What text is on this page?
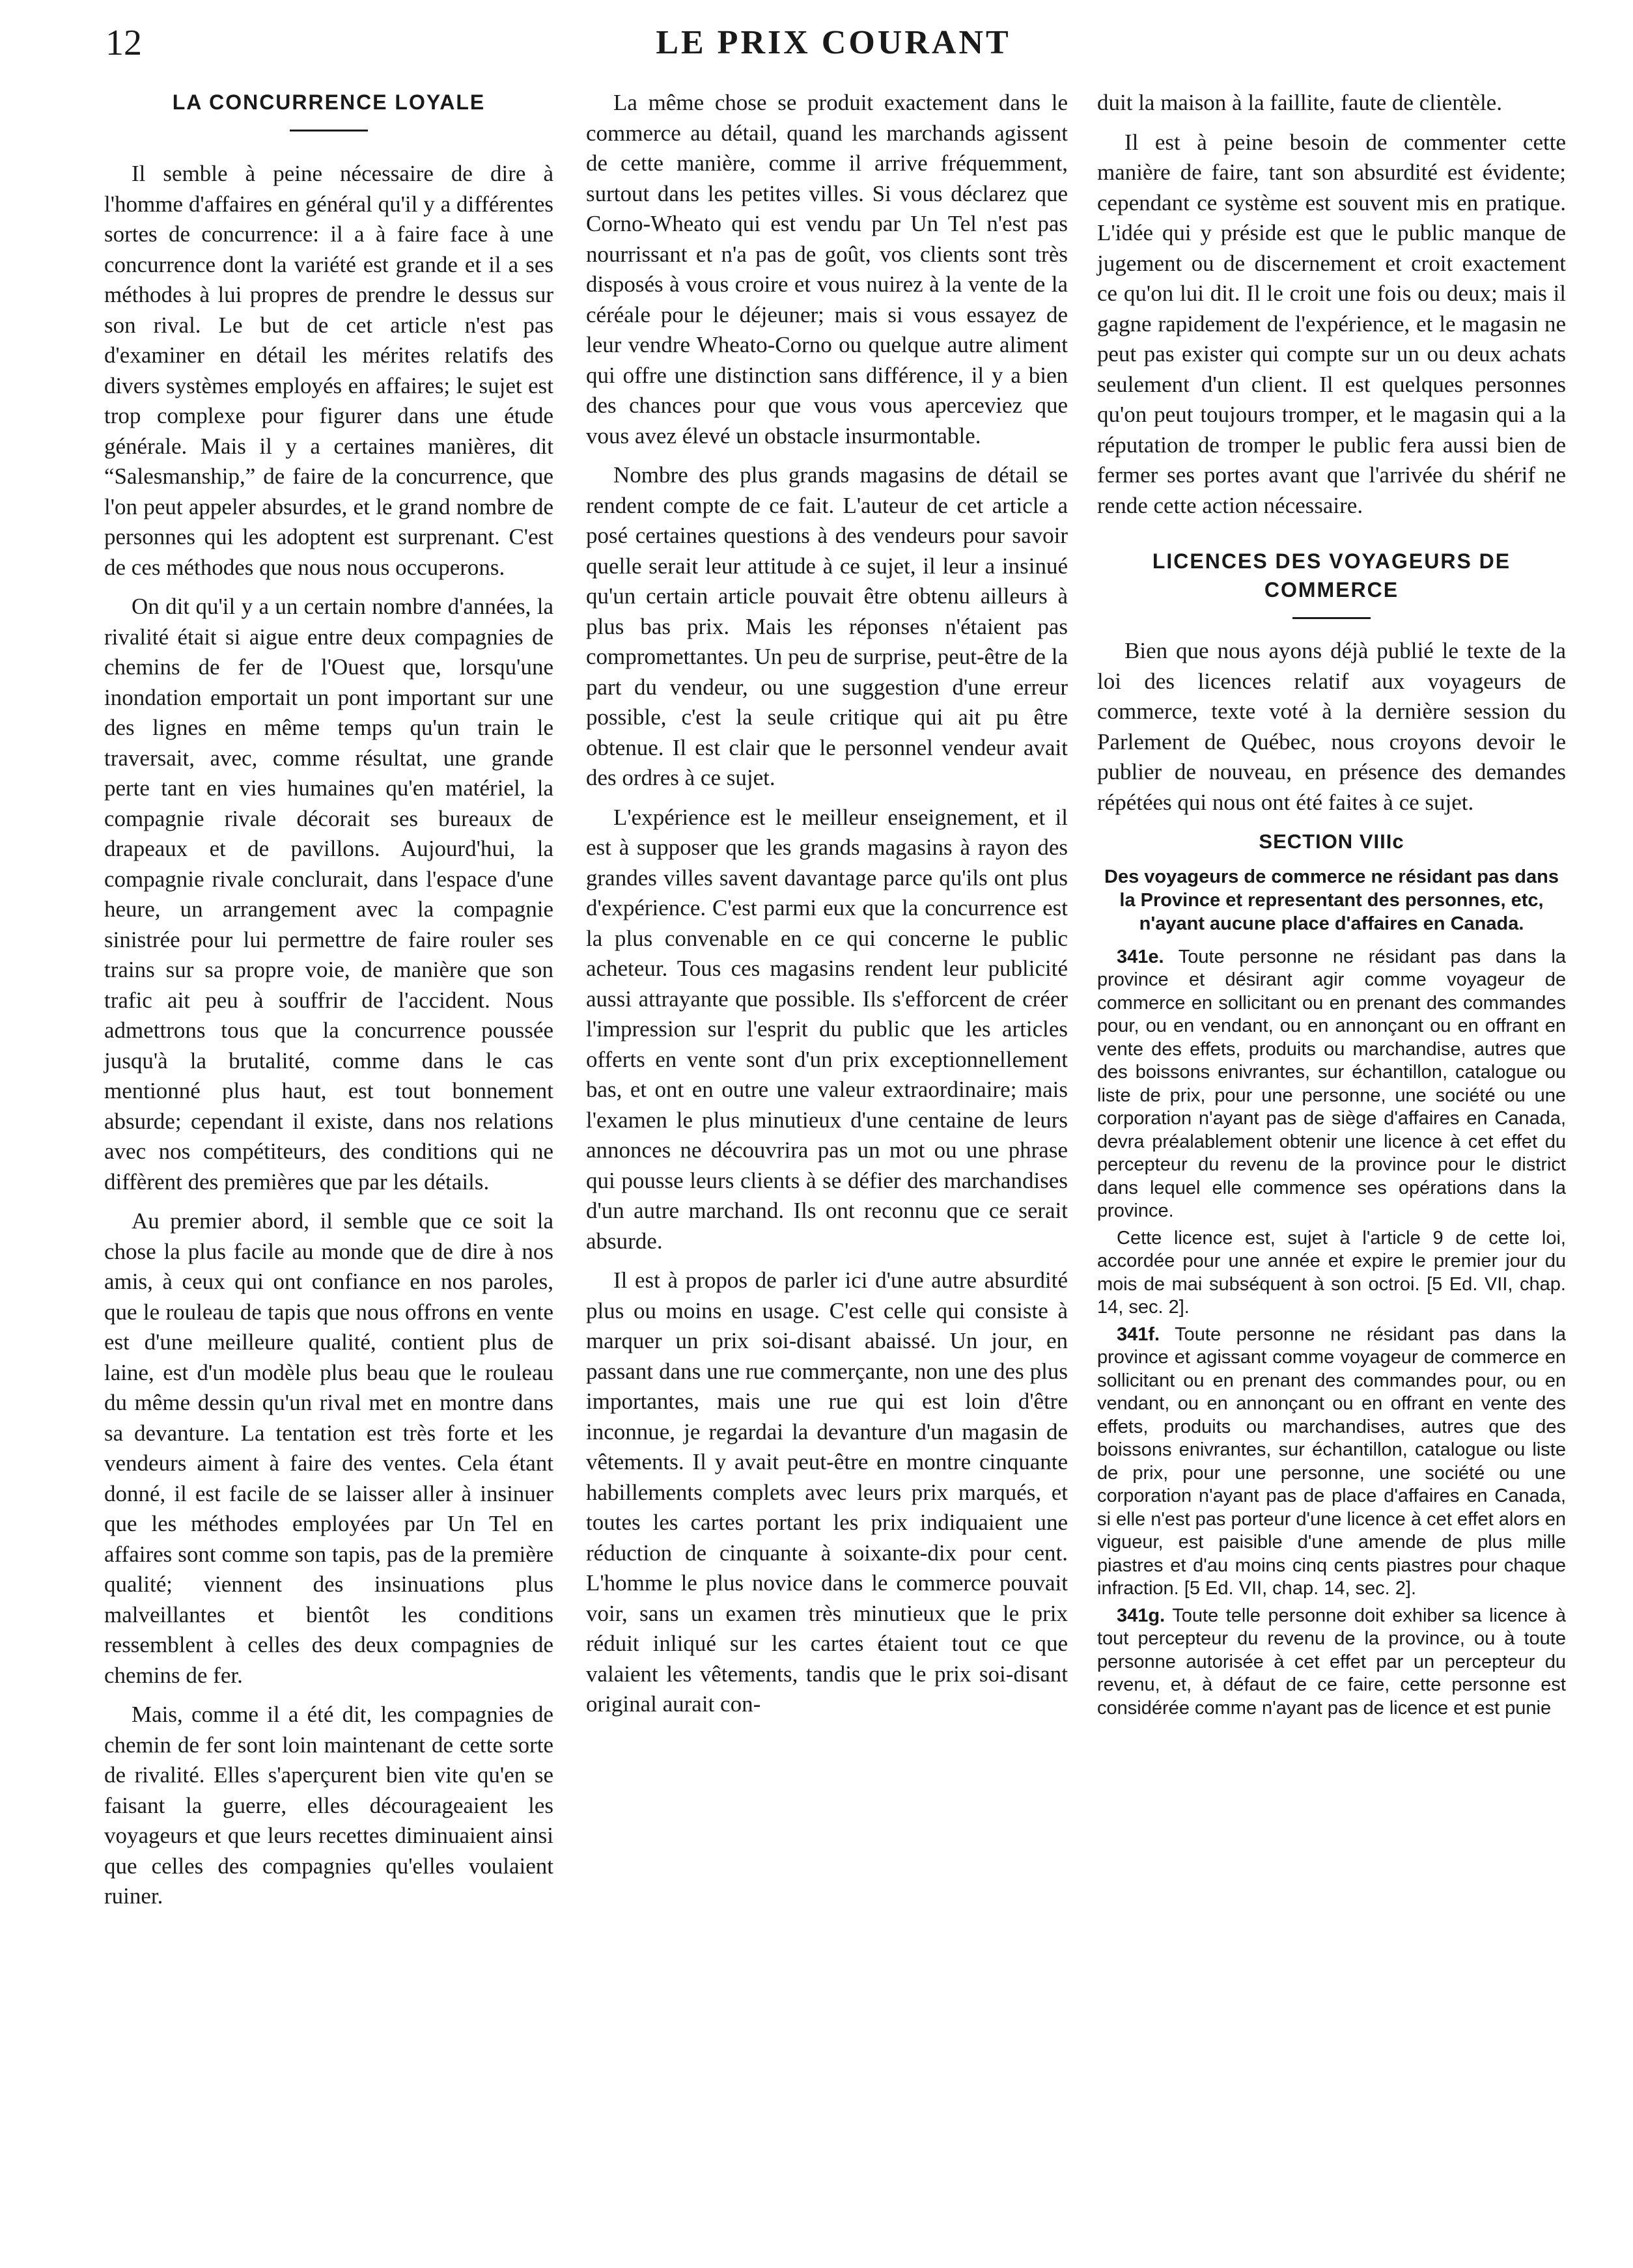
12	LE PRIX COURANT
LA CONCURRENCE LOYALE

Il semble à peine nécessaire de dire à l'homme d'affaires en général qu'il y a différentes sortes de concurrence: il a à faire face à une concurrence dont la variété est grande et il a ses méthodes à lui propres de prendre le dessus sur son rival. Le but de cet article n'est pas d'examiner en détail les mérites relatifs des divers systèmes employés en affaires; le sujet est trop complexe pour figurer dans une étude générale. Mais il y a certaines manières, dit “Salesmanship,” de faire de la concurrence, que l'on peut appeler absurdes, et le grand nombre de personnes qui les adoptent est surprenant. C'est de ces méthodes que nous nous occuperons.

On dit qu'il y a un certain nombre d'années, la rivalité était si aigue entre deux compagnies de chemins de fer de l'Ouest que, lorsqu'une inondation emportait un pont important sur une des lignes en même temps qu'un train le traversait, avec, comme résultat, une grande perte tant en vies humaines qu'en matériel, la compagnie rivale décorait ses bureaux de drapeaux et de pavillons. Aujourd'hui, la compagnie rivale conclurait, dans l'espace d'une heure, un arrangement avec la compagnie sinistrée pour lui permettre de faire rouler ses trains sur sa propre voie, de manière que son trafic ait peu à souffrir de l'accident. Nous admettrons tous que la concurrence poussée jusqu'à la brutalité, comme dans le cas mentionné plus haut, est tout bonnement absurde; cependant il existe, dans nos relations avec nos compétiteurs, des conditions qui ne diffèrent des premières que par les détails.

Au premier abord, il semble que ce soit la chose la plus facile au monde que de dire à nos amis, à ceux qui ont confiance en nos paroles, que le rouleau de tapis que nous offrons en vente est d'une meilleure qualité, contient plus de laine, est d'un modèle plus beau que le rouleau du même dessin qu'un rival met en montre dans sa devanture. La tentation est très forte et les vendeurs aiment à faire des ventes. Cela étant donné, il est facile de se laisser aller à insinuer que les méthodes employées par Un Tel en affaires sont comme son tapis, pas de la première qualité; viennent des insinuations plus malveillantes et bientôt les conditions ressemblent à celles des deux compagnies de chemins de fer.

Mais, comme il a été dit, les compagnies de chemin de fer sont loin maintenant de cette sorte de rivalité. Elles s'aperçurent bien vite qu'en se faisant la guerre, elles décourageaient les voyageurs et que leurs recettes diminuaient ainsi que celles des compagnies qu'elles voulaient ruiner.

La même chose se produit exactement dans le commerce au détail, quand les marchands agissent de cette manière, comme il arrive fréquemment, surtout dans les petites villes. Si vous déclarez que Corno-Wheato qui est vendu par Un Tel n'est pas nourrissant et n'a pas de goût, vos clients sont très disposés à vous croire et vous nuirez à la vente de la céréale pour le déjeuner; mais si vous essayez de leur vendre Wheato-Corno ou quelque autre aliment qui offre une distinction sans différence, il y a bien des chances pour que vous vous aperceviez que vous avez élevé un obstacle insurmontable.

Nombre des plus grands magasins de détail se rendent compte de ce fait. L'auteur de cet article a posé certaines questions à des vendeurs pour savoir quelle serait leur attitude à ce sujet, il leur a insinué qu'un certain article pouvait être obtenu ailleurs à plus bas prix. Mais les réponses n'étaient pas compromettantes. Un peu de surprise, peut-être de la part du vendeur, ou une suggestion d'une erreur possible, c'est la seule critique qui ait pu être obtenue. Il est clair que le personnel vendeur avait des ordres à ce sujet.

L'expérience est le meilleur enseignement, et il est à supposer que les grands magasins à rayon des grandes villes savent davantage parce qu'ils ont plus d'expérience. C'est parmi eux que la concurrence est la plus convenable en ce qui concerne le public acheteur. Tous ces magasins rendent leur publicité aussi attrayante que possible. Ils s'efforcent de créer l'impression sur l'esprit du public que les articles offerts en vente sont d'un prix exceptionnellement bas, et ont en outre une valeur extraordinaire; mais l'examen le plus minutieux d'une centaine de leurs annonces ne découvrira pas un mot ou une phrase qui pousse leurs clients à se défier des marchandises d'un autre marchand. Ils ont reconnu que ce serait absurde.

Il est à propos de parler ici d'une autre absurdité plus ou moins en usage. C'est celle qui consiste à marquer un prix soi-disant abaissé. Un jour, en passant dans une rue commerçante, non une des plus importantes, mais une rue qui est loin d'être inconnue, je regardai la devanture d'un magasin de vêtements. Il y avait peut-être en montre cinquante habillements complets avec leurs prix marqués, et toutes les cartes portant les prix indiquaient une réduction de cinquante à soixante-dix pour cent. L'homme le plus novice dans le commerce pouvait voir, sans un examen très minutieux que le prix réduit inliqué sur les cartes étaient tout ce que valaient les vêtements, tandis que le prix soi-disant original aurait con-

duit la maison à la faillite, faute de clientèle.

Il est à peine besoin de commenter cette manière de faire, tant son absurdité est évidente; cependant ce système est souvent mis en pratique. L'idée qui y préside est que le public manque de jugement ou de discernement et croit exactement ce qu'on lui dit. Il le croit une fois ou deux; mais il gagne rapidement de l'expérience, et le magasin ne peut pas exister qui compte sur un ou deux achats seulement d'un client. Il est quelques personnes qu'on peut toujours tromper, et le magasin qui a la réputation de tromper le public fera aussi bien de fermer ses portes avant que l'arrivée du shérif ne rende cette action nécessaire.

LICENCES DES VOYAGEURS DE COMMERCE

Bien que nous ayons déjà publié le texte de la loi des licences relatif aux voyageurs de commerce, texte voté à la dernière session du Parlement de Québec, nous croyons devoir le publier de nouveau, en présence des demandes répétées qui nous ont été faites à ce sujet.

SECTION VIIIc
Des voyageurs de commerce ne résidant pas dans la Province et representant des personnes, etc, n'ayant aucune place d'affaires en Canada.

341e. Toute personne ne résidant pas dans la province et désirant agir comme voyageur de commerce en sollicitant ou en prenant des commandes pour, ou en vendant, ou en annonçant ou en offrant en vente des effets, produits ou marchandise, autres que des boissons enivrantes, sur échantillon, catalogue ou liste de prix, pour une personne, une société ou une corporation n'ayant pas de siège d'affaires en Canada, devra préalablement obtenir une licence à cet effet du percepteur du revenu de la province pour le district dans lequel elle commence ses opérations dans la province.

Cette licence est, sujet à l'article 9 de cette loi, accordée pour une année et expire le premier jour du mois de mai subséquent à son octroi. [5 Ed. VII, chap. 14, sec. 2].

341f. Toute personne ne résidant pas dans la province et agissant comme voyageur de commerce en sollicitant ou en prenant des commandes pour, ou en vendant, ou en annonçant ou en offrant en vente des effets, produits ou marchandises, autres que des boissons enivrantes, sur échantillon, catalogue ou liste de prix, pour une personne, une société ou une corporation n'ayant pas de place d'affaires en Canada, si elle n'est pas porteur d'une licence à cet effet alors en vigueur, est paisible d'une amende de plus mille piastres et d'au moins cinq cents piastres pour chaque infraction. [5 Ed. VII, chap. 14, sec. 2].

341g. Toute telle personne doit exhiber sa licence à tout percepteur du revenu de la province, ou à toute personne autorisée à cet effet par un percepteur du revenu, et, à défaut de ce faire, cette personne est considérée comme n'ayant pas de licence et est punie
